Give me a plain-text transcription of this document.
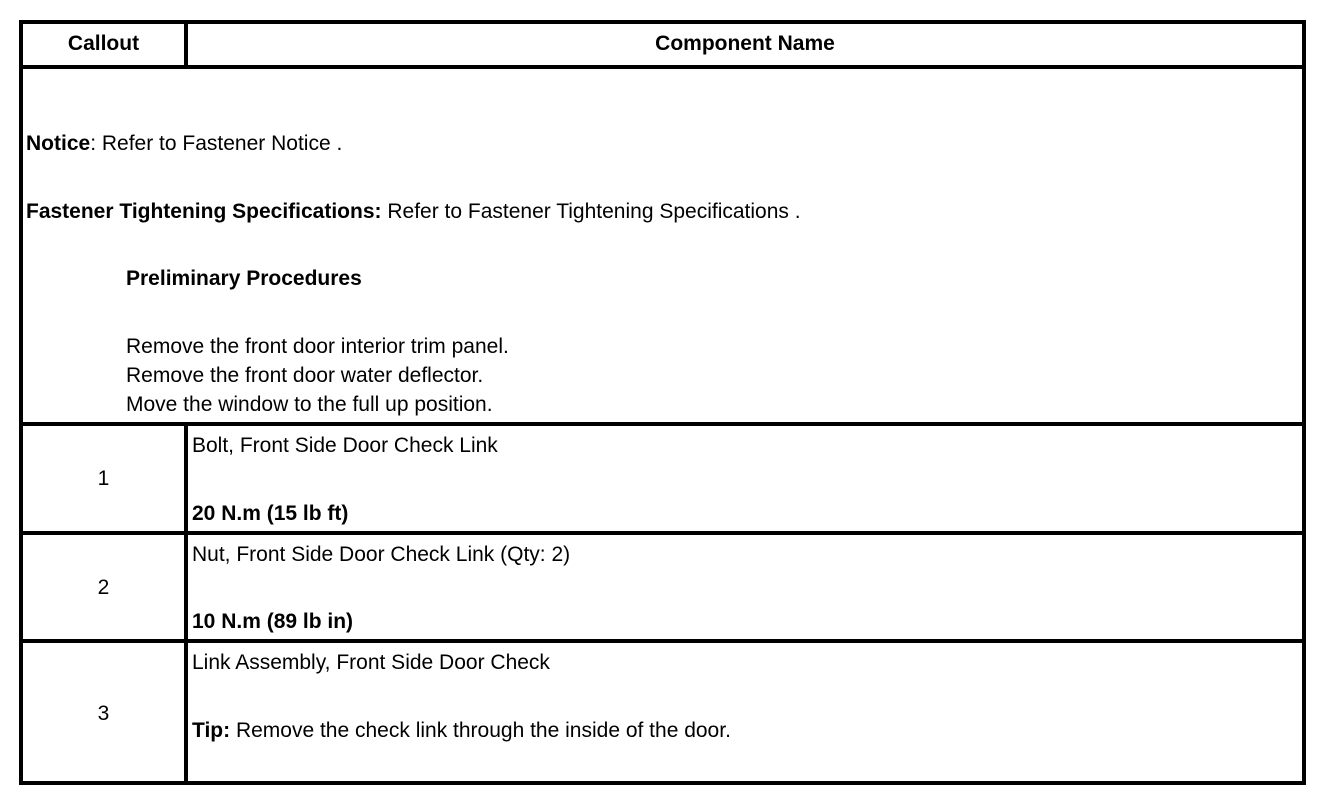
Callout	Component Name
Notice: Refer to Fastener Notice .
Fastener Tightening Specifications: Refer to Fastener Tightening Specifications .
Preliminary Procedures
Remove the front door interior trim panel.
Remove the front door water deflector.
Move the window to the full up position.
1
Bolt, Front Side Door Check Link
20 N.m (15 lb ft)
2
Nut, Front Side Door Check Link (Qty: 2)
10 N.m (89 lb in)
3
Link Assembly, Front Side Door Check
Tip: Remove the check link through the inside of the door.
